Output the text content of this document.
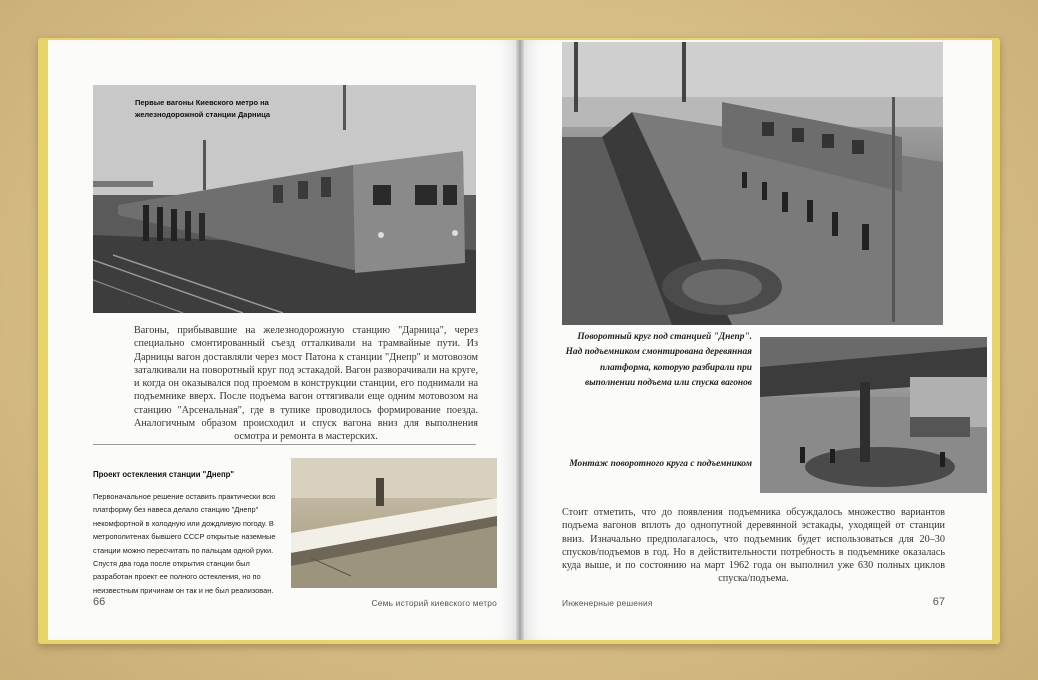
Первые вагоны Киевского метро на железнодорожной станции Дарница
Вагоны, прибывавшие на железнодорожную станцию "Дарница", через специально смонтированный съезд отталкивали на трамвайные пути. Из Дарницы вагон доставляли через мост Патона к станции "Днепр" и мотовозом заталкивали на поворотный круг под эстакадой. Вагон разворачивали на круге, и когда он оказывался под проемом в конструкции станции, его поднимали на подъемнике вверх. После подъема вагон оттягивали еще одним мотовозом на станцию "Арсенальная", где в тупике проводилось формирование поезда. Аналогичным образом происходил и спуск вагона вниз для выполнения осмотра и ремонта в мастерских.
Проект остекления станции "Днепр"
Первоначальное решение оставить практически всю платформу без навеса делало станцию "Днепр" некомфортной в холодную или дождливую погоду. В метрополитенах бывшего СССР открытые наземные станции можно пересчитать по пальцам одной руки. Спустя два года после открытия станции был разработан проект ее полного остекления, но по неизвестным причинам он так и не был реализован.
66	Семь историй киевского метро
Поворотный круг под станцией "Днепр". Над подъемником смонтирована деревянная платформа, которую разбирали при выполнении подъема или спуска вагонов
Монтаж поворотного круга с подъемником
Стоит отметить, что до появления подъемника обсуждалось множество вариантов подъема вагонов вплоть до однопутной деревянной эстакады, уходящей от станции вниз. Изначально предполагалось, что подъемник будет использоваться для 20–30 спусков/подъемов в год. Но в действительности потребность в подъемнике оказалась куда выше, и по состоянию на март 1962 года он выполнил уже 630 полных циклов спуска/подъема.
Инженерные решения	67
